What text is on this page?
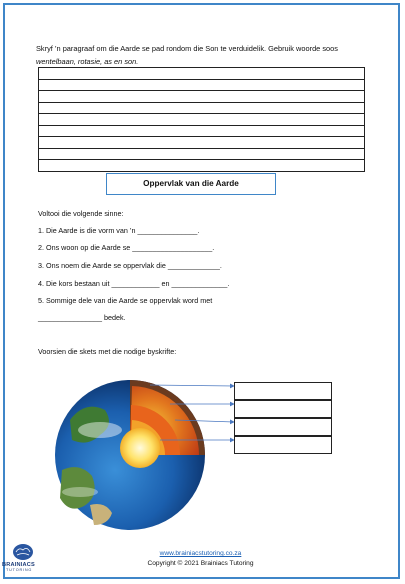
Skryf ’n paragraaf om die Aarde se pad rondom die Son te verduidelik. Gebruik woorde soos wentelbaan, rotasie, as en son.
Oppervlak van die Aarde
Voltooi die volgende sinne:
1. Die Aarde is die vorm van ’n _______________.
2. Ons woon op die Aarde se ____________________.
3. Ons noem die Aarde se oppervlak die _____________.
4. Die kors bestaan uit ____________ en ______________.
5. Sommige dele van die Aarde se oppervlak word met
________________ bedek.
Voorsien die skets met die nodige byskrifte:
BRAINIACS
TUTORING
www.brainiacstutoring.co.za
Copyright © 2021 Brainiacs Tutoring
